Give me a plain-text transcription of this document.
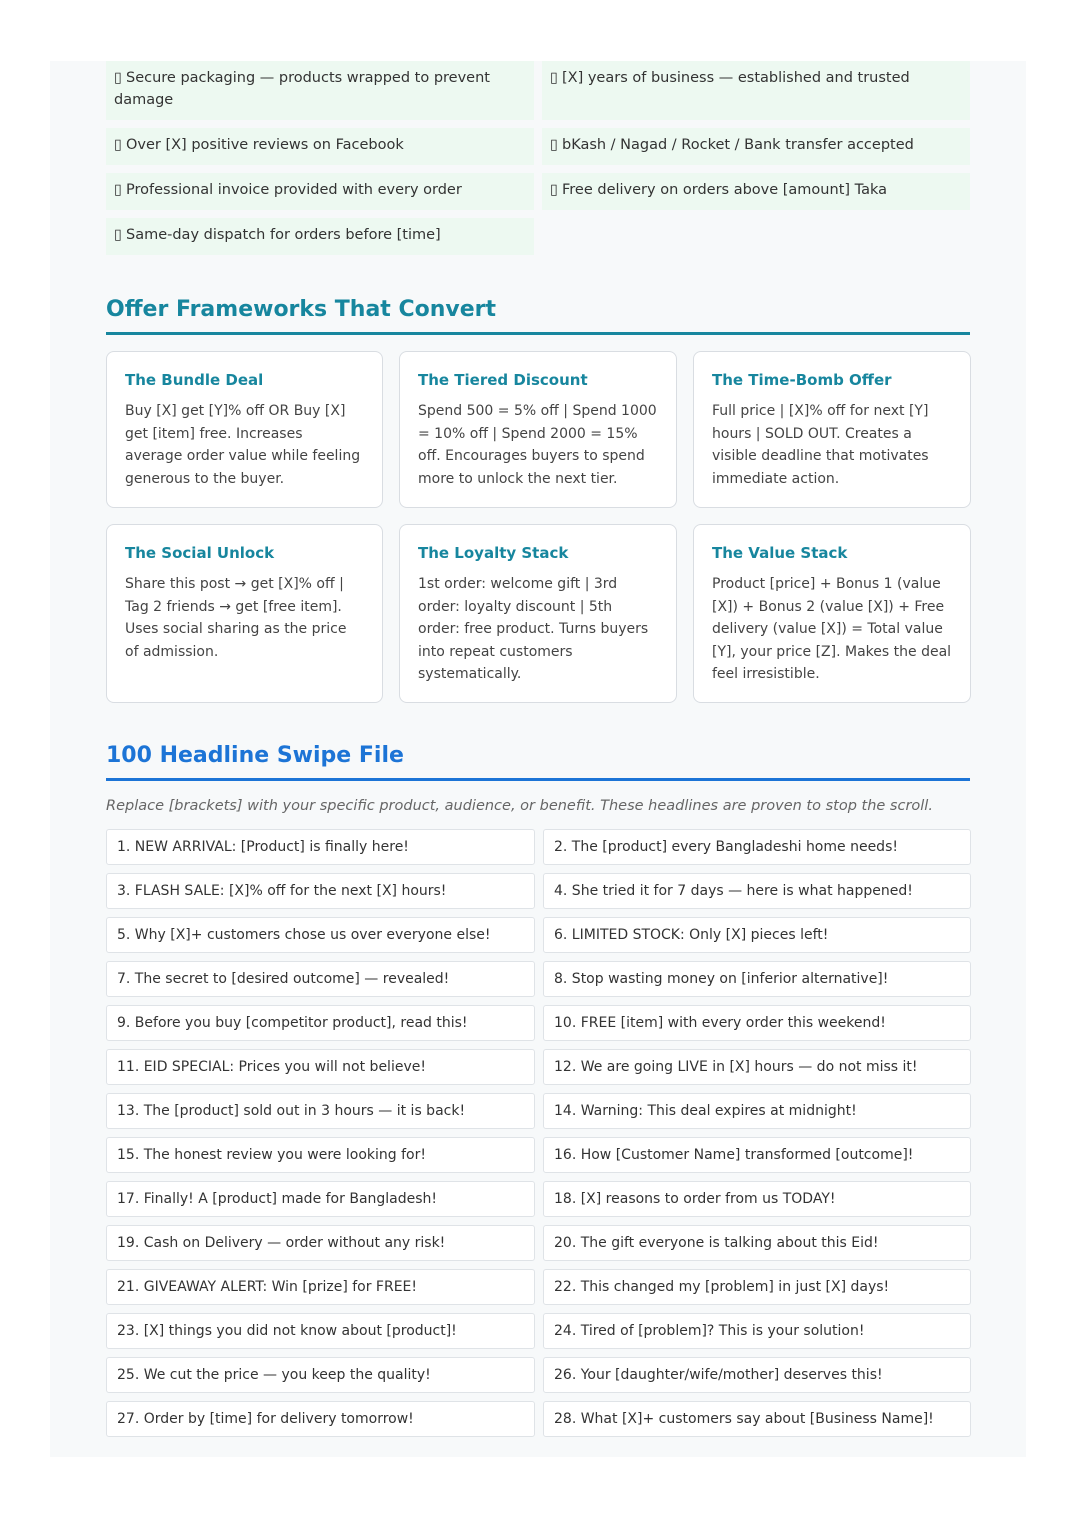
▯ Secure packaging — products wrapped to prevent damage
▯ [X] years of business — established and trusted
▯ Over [X] positive reviews on Facebook	▯ bKash / Nagad / Rocket / Bank transfer accepted
▯ Professional invoice provided with every order	▯ Free delivery on orders above [amount] Taka
▯ Same-day dispatch for orders before [time]
Offer Frameworks That Convert

The Bundle Deal

Buy [X] get [Y]% off OR Buy [X] get [item] free. Increases average order value while feeling generous to the buyer.

The Tiered Discount

Spend 500 = 5% off | Spend 1000 = 10% off | Spend 2000 = 15% off. Encourages buyers to spend more to unlock the next tier.

The Time-Bomb Offer

Full price | [X]% off for next [Y] hours | SOLD OUT. Creates a visible deadline that motivates immediate action.

The Social Unlock

Share this post → get [X]% off | Tag 2 friends → get [free item]. Uses social sharing as the price of admission.

The Loyalty Stack

1st order: welcome gift | 3rd order: loyalty discount | 5th order: free product. Turns buyers into repeat customers systematically.

The Value Stack

Product [price] + Bonus 1 (value [X]) + Bonus 2 (value [X]) + Free delivery (value [X]) = Total value [Y], your price [Z]. Makes the deal feel irresistible.

100 Headline Swipe File

Replace [brackets] with your specific product, audience, or benefit. These headlines are proven to stop the scroll.

1. NEW ARRIVAL: [Product] is finally here!	2. The [product] every Bangladeshi home needs!
3. FLASH SALE: [X]% off for the next [X] hours!	4. She tried it for 7 days — here is what happened!
5. Why [X]+ customers chose us over everyone else!	6. LIMITED STOCK: Only [X] pieces left!
7. The secret to [desired outcome] — revealed!	8. Stop wasting money on [inferior alternative]!
9. Before you buy [competitor product], read this!	10. FREE [item] with every order this weekend!
11. EID SPECIAL: Prices you will not believe!	12. We are going LIVE in [X] hours — do not miss it!
13. The [product] sold out in 3 hours — it is back!	14. Warning: This deal expires at midnight!
15. The honest review you were looking for!	16. How [Customer Name] transformed [outcome]!
17. Finally! A [product] made for Bangladesh!	18. [X] reasons to order from us TODAY!
19. Cash on Delivery — order without any risk!	20. The gift everyone is talking about this Eid!
21. GIVEAWAY ALERT: Win [prize] for FREE!	22. This changed my [problem] in just [X] days!
23. [X] things you did not know about [product]!	24. Tired of [problem]? This is your solution!
25. We cut the price — you keep the quality!	26. Your [daughter/wife/mother] deserves this!
27. Order by [time] for delivery tomorrow!	28. What [X]+ customers say about [Business Name]!
